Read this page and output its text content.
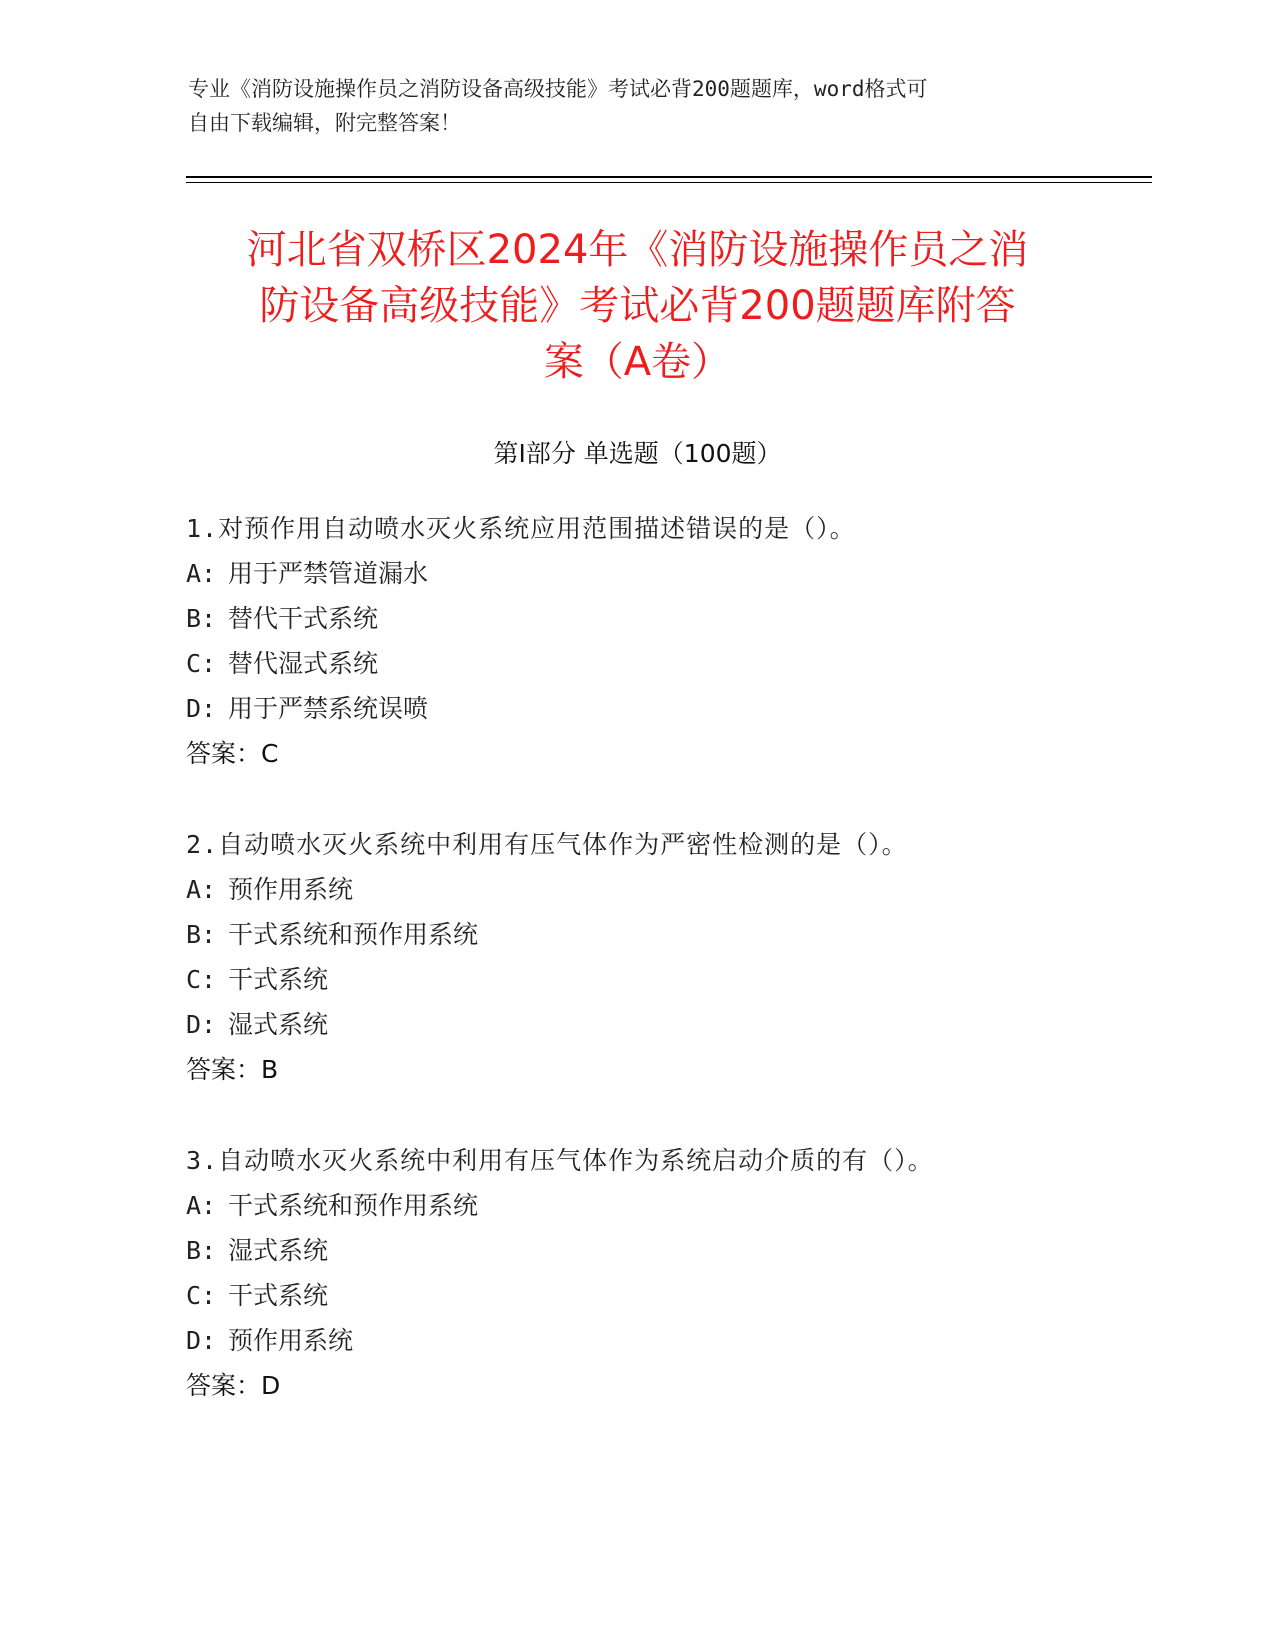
专业《消防设施操作员之消防设备高级技能》考试必背200题题库，word格式可
自由下载编辑，附完整答案！
河北省双桥区2024年《消防设施操作员之消
防设备高级技能》考试必背200题题库附答
案（A卷）
第Ⅰ部分 单选题（100题）
1.对预作用自动喷水灭火系统应用范围描述错误的是（）。
A: 用于严禁管道漏水
B: 替代干式系统
C: 替代湿式系统
D: 用于严禁系统误喷
答案：C
2.自动喷水灭火系统中利用有压气体作为严密性检测的是（）。
A: 预作用系统
B: 干式系统和预作用系统
C: 干式系统
D: 湿式系统
答案：B
3.自动喷水灭火系统中利用有压气体作为系统启动介质的有（）。
A: 干式系统和预作用系统
B: 湿式系统
C: 干式系统
D: 预作用系统
答案：D
